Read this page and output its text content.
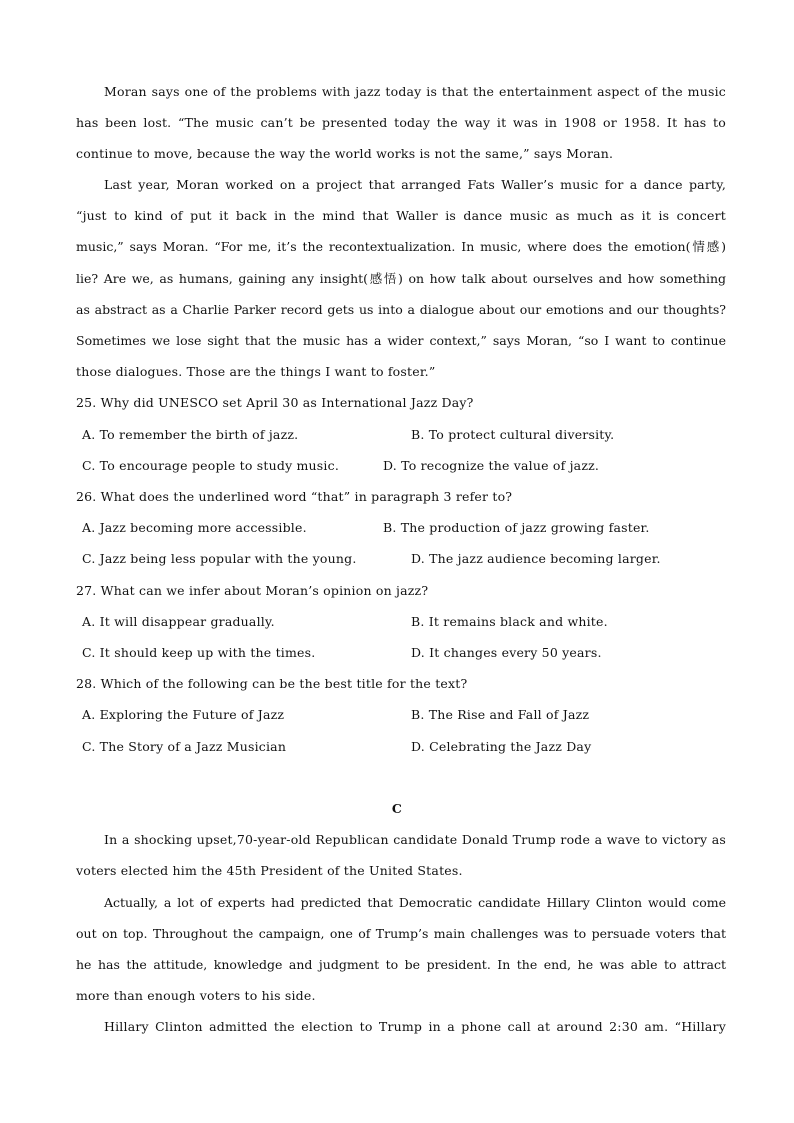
Moran says one of the problems with jazz today is that the entertainment aspect of the music
has been lost. “The music can’t be presented today the way it was in 1908 or 1958. It has to
continue to move, because the way the world works is not the same,” says Moran.
Last year, Moran worked on a project that arranged Fats Waller’s music for a dance party,
“just to kind of put it back in the mind that Waller is dance music as much as it is concert
music,” says Moran. “For me, it’s the recontextualization. In music, where does the emotion(情感)
lie? Are we, as humans, gaining any insight(感悟) on how talk about ourselves and how something
as abstract as a Charlie Parker record gets us into a dialogue about our emotions and our thoughts?
Sometimes we lose sight that the music has a wider context,” says Moran, “so I want to continue
those dialogues. Those are the things I want to foster.”
25. Why did UNESCO set April 30 as International Jazz Day?
A. To remember the birth of jazz.	B. To protect cultural diversity.
C. To encourage people to study music.	D. To recognize the value of jazz.
26. What does the underlined word “that” in paragraph 3 refer to?
A. Jazz becoming more accessible.	B. The production of jazz growing faster.
C. Jazz being less popular with the young.	D. The jazz audience becoming larger.
27. What can we infer about Moran’s opinion on jazz?
A. It will disappear gradually.	B. It remains black and white.
C. It should keep up with the times.	D. It changes every 50 years.
28. Which of the following can be the best title for the text?
A. Exploring the Future of Jazz	B. The Rise and Fall of Jazz
C. The Story of a Jazz Musician	D. Celebrating the Jazz Day
C
In a shocking upset,70-year-old Republican candidate Donald Trump rode a wave to victory as
voters elected him the 45th President of the United States.
Actually, a lot of experts had predicted that Democratic candidate Hillary Clinton would come
out on top. Throughout the campaign, one of Trump’s main challenges was to persuade voters that
he has the attitude, knowledge and judgment to be president. In the end, he was able to attract
more than enough voters to his side.
Hillary Clinton admitted the election to Trump in a phone call at around 2:30 am. “Hillary
